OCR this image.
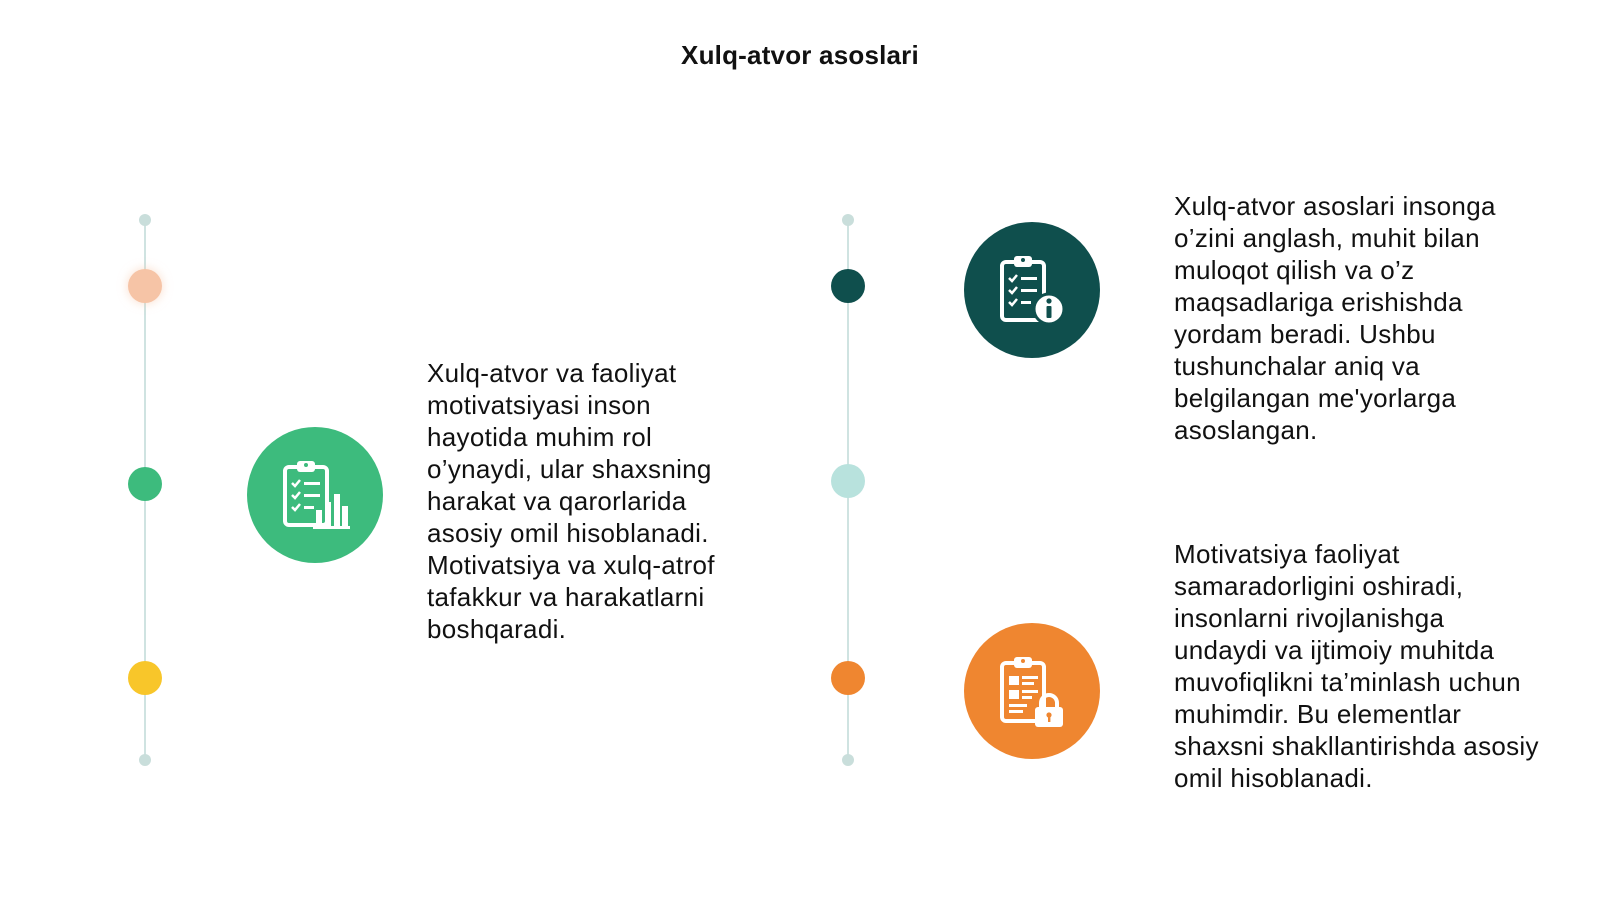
Xulq-atvor asoslari
Xulq-atvor va faoliyat motivatsiyasi inson hayotida muhim rol o’ynaydi, ular shaxsning harakat va qarorlarida asosiy omil hisoblanadi. Motivatsiya va xulq-atrof tafakkur va harakatlarni boshqaradi.
Xulq-atvor asoslari insonga o’zini anglash, muhit bilan muloqot qilish va o’z maqsadlariga erishishda yordam beradi. Ushbu tushunchalar aniq va belgilangan me'yorlarga asoslangan.
Motivatsiya faoliyat samaradorligini oshiradi, insonlarni rivojlanishga undaydi va ijtimoiy muhitda muvofiqlikni ta’minlash uchun muhimdir. Bu elementlar shaxsni shakllantirishda asosiy omil hisoblanadi.
